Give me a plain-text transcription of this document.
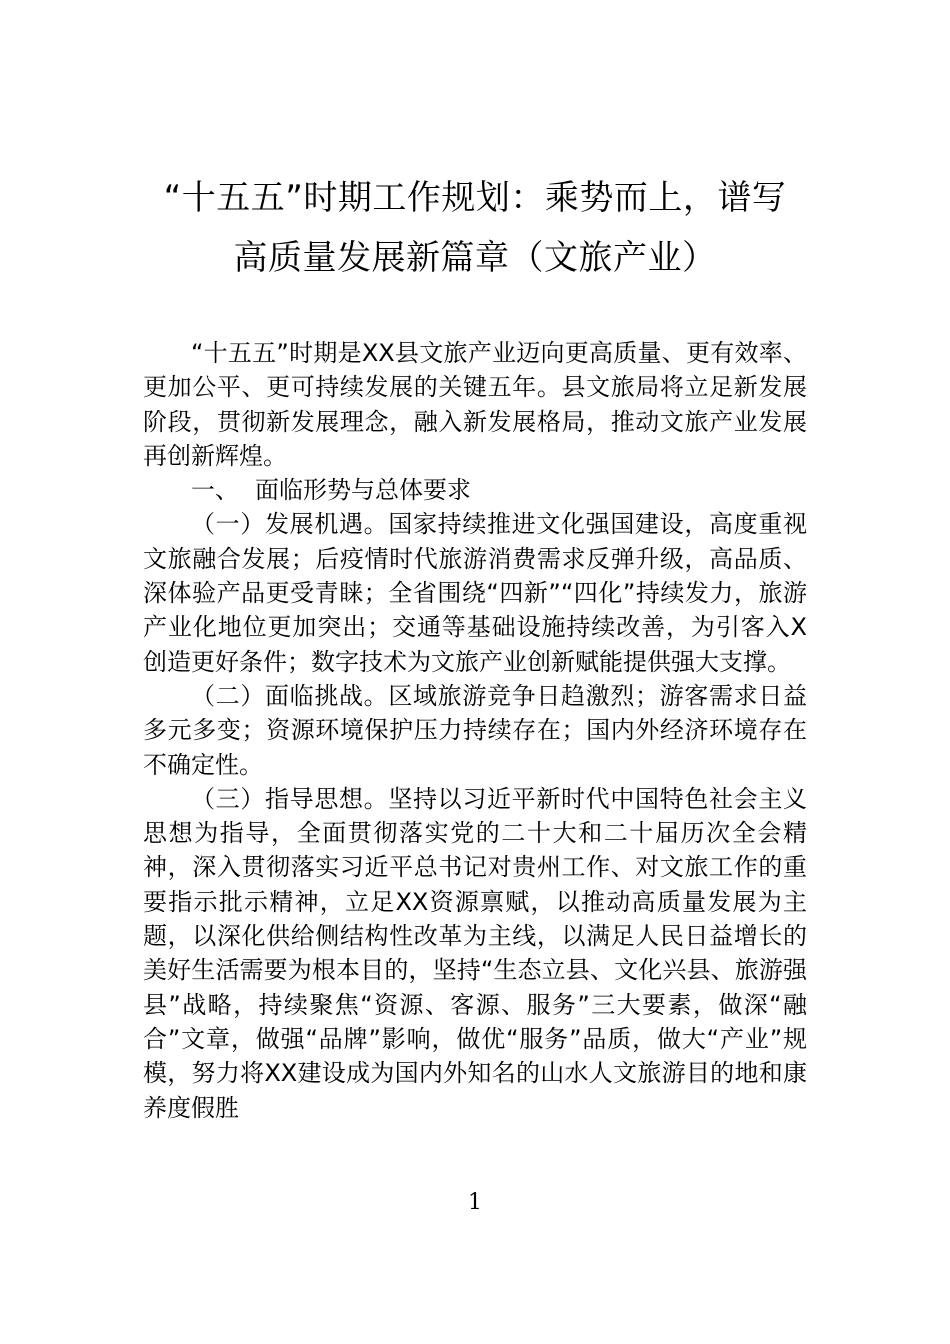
“十五五”时期工作规划：乘势而上，谱写
高质量发展新篇章（文旅产业）

“十五五”时期是XX县文旅产业迈向更高质量、更有效率、更加公平、更可持续发展的关键五年。县文旅局将立足新发展阶段，贯彻新发展理念，融入新发展格局，推动文旅产业发展再创新辉煌。

一、 面临形势与总体要求

（一）发展机遇。国家持续推进文化强国建设，高度重视文旅融合发展；后疫情时代旅游消费需求反弹升级，高品质、深体验产品更受青睐；全省围绕“四新”“四化”持续发力，旅游产业化地位更加突出；交通等基础设施持续改善，为引客入X创造更好条件；数字技术为文旅产业创新赋能提供强大支撑。

（二）面临挑战。区域旅游竞争日趋激烈；游客需求日益多元多变；资源环境保护压力持续存在；国内外经济环境存在不确定性。

（三）指导思想。坚持以习近平新时代中国特色社会主义思想为指导，全面贯彻落实党的二十大和二十届历次全会精神，深入贯彻落实习近平总书记对贵州工作、对文旅工作的重要指示批示精神，立足XX资源禀赋，以推动高质量发展为主题，以深化供给侧结构性改革为主线，以满足人民日益增长的美好生活需要为根本目的，坚持“生态立县、文化兴县、旅游强县”战略，持续聚焦“资源、客源、服务”三大要素，做深“融合”文章，做强“品牌”影响，做优“服务”品质，做大“产业”规模，努力将XX建设成为国内外知名的山水人文旅游目的地和康养度假胜

1
